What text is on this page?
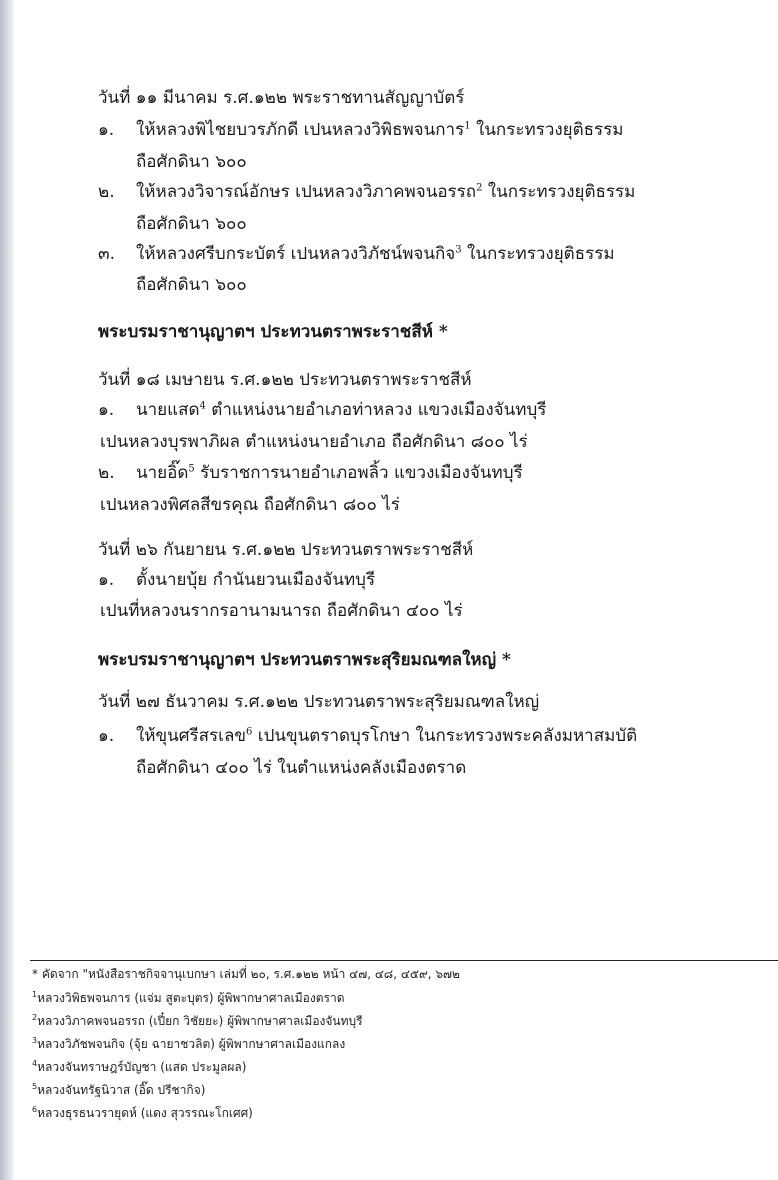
วันที่ ๑๑ มีนาคม ร.ศ.๑๒๒ พระราชทานสัญญาบัตร์
๑. ให้หลวงพิไชยบวรภักดี เปนหลวงวิพิธพจนการ$^1$ ในกระทรวงยุติธรรม
ถือศักดินา ๖๐๐
๒. ให้หลวงวิจารณ์อักษร เปนหลวงวิภาคพจนอรรถ$^2$ ในกระทรวงยุติธรรม
ถือศักดินา ๖๐๐
๓. ให้หลวงศรีบกระบัตร์ เปนหลวงวิภัชน์พจนกิจ$^3$ ในกระทรวงยุติธรรม
ถือศักดินา ๖๐๐
พระบรมราชานุญาตฯ ประทวนตราพระราชสีห์ *
วันที่ ๑๘ เมษายน ร.ศ.๑๒๒ ประทวนตราพระราชสีห์
๑. นายแสด$^4$ ตำแหน่งนายอำเภอท่าหลวง แขวงเมืองจันทบุรี
เปนหลวงบุรพาภิผล ตำแหน่งนายอำเภอ ถือศักดินา ๘๐๐ ไร่
๒. นายอิ๊ด$^5$ รับราชการนายอำเภอพลิ้ว แขวงเมืองจันทบุรี
เปนหลวงพิศลสีขรคุณ ถือศักดินา ๘๐๐ ไร่
วันที่ ๒๖ กันยายน ร.ศ.๑๒๒ ประทวนตราพระราชสีห์
๑. ตั้งนายบุ้ย กำนันยวนเมืองจันทบุรี
เปนที่หลวงนรากรอานามนารถ ถือศักดินา ๔๐๐ ไร่
พระบรมราชานุญาตฯ ประทวนตราพระสุริยมณฑลใหญ่ *
วันที่ ๒๗ ธันวาคม ร.ศ.๑๒๒ ประทวนตราพระสุริยมณฑลใหญ่
๑. ให้ขุนศรีสรเลข$^6$ เปนขุนตราดบุรโกษา ในกระทรวงพระคลังมหาสมบัติ
ถือศักดินา ๔๐๐ ไร่ ในตำแหน่งคลังเมืองตราด
* คัดจาก "หนังสือราชกิจจานุเบกษา เล่มที่ ๒๐, ร.ศ.๑๒๒ หน้า ๔๗, ๔๘, ๔๕๙, ๖๗๒
$^1$หลวงวิพิธพจนการ (แจ่ม สูตะบุตร) ผู้พิพากษาศาลเมืองตราด
$^2$หลวงวิภาคพจนอรรถ (เปี๋ยก วิชัยยะ) ผู้พิพากษาศาลเมืองจันทบุรี
$^3$หลวงวิภัชพจนกิจ (จุ้ย ฉายาชวลิต) ผู้พิพากษาศาลเมืองแกลง
$^4$หลวงจันทราษฎร์บัญชา (แสด ประมูลผล)
$^5$หลวงจันทรัฐนิวาส (อิ๊ด ปรีชากิจ)
$^6$หลวงธุรธนวรายุดห์ (แดง สุวรรณะโกเศศ)
